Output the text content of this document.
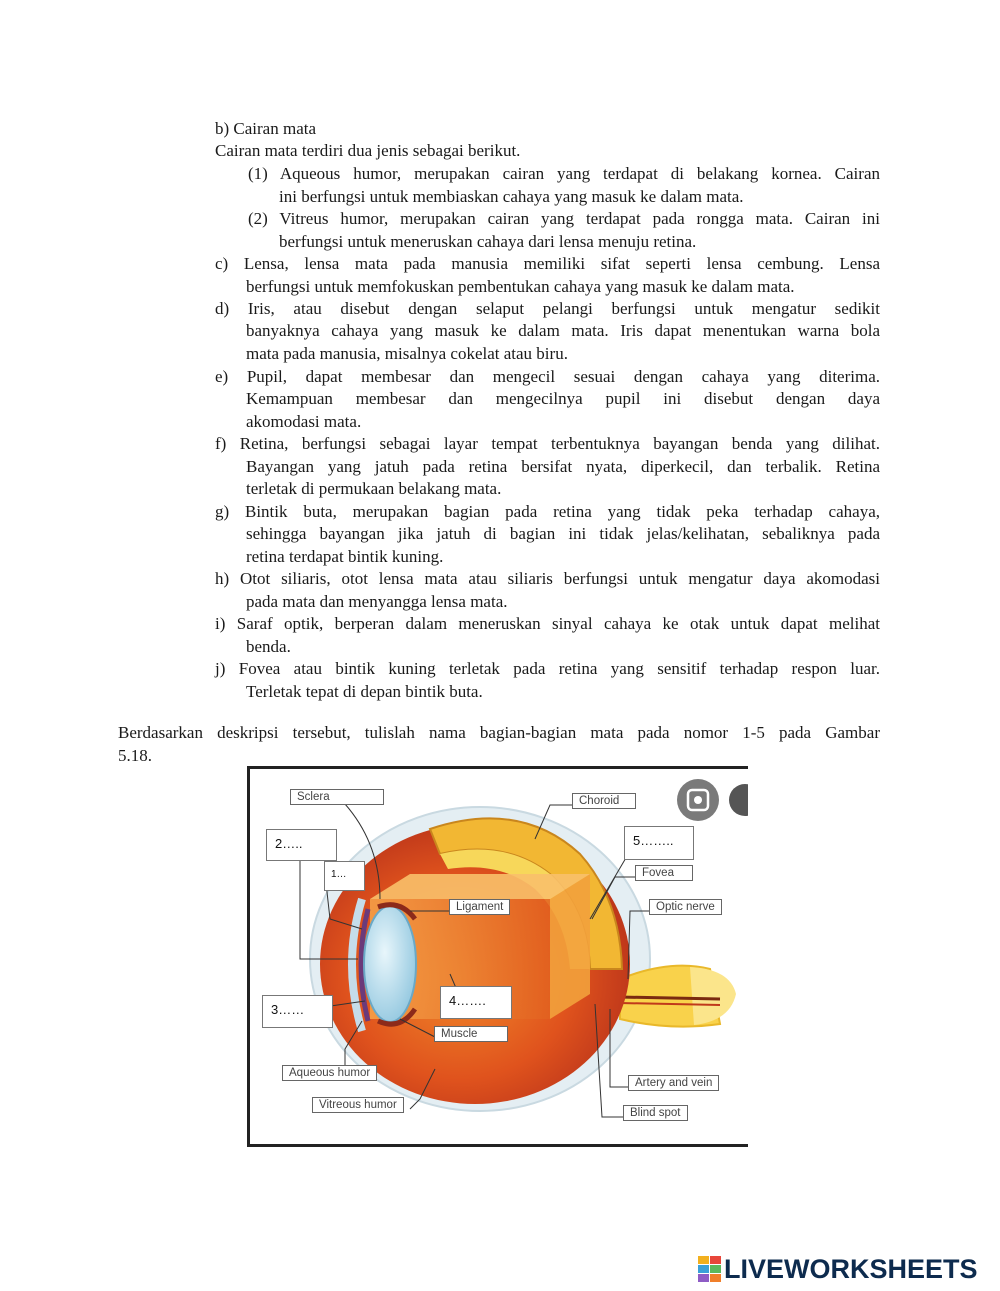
b) Cairan mata
Cairan mata terdiri dua jenis sebagai berikut.
(1) Aqueous humor, merupakan cairan yang terdapat di belakang kornea. Cairan
ini berfungsi untuk membiaskan cahaya yang masuk ke dalam mata.
(2) Vitreus humor, merupakan cairan yang terdapat pada rongga mata. Cairan ini
berfungsi untuk meneruskan cahaya dari lensa menuju retina.
c) Lensa, lensa mata pada manusia memiliki sifat seperti lensa cembung. Lensa
berfungsi untuk memfokuskan pembentukan cahaya yang masuk ke dalam mata.
d) Iris, atau disebut dengan selaput pelangi berfungsi untuk mengatur sedikit
banyaknya cahaya yang masuk ke dalam mata. Iris dapat menentukan warna bola
mata pada manusia, misalnya cokelat atau biru.
e) Pupil, dapat membesar dan mengecil sesuai dengan cahaya yang diterima.
Kemampuan membesar dan mengecilnya pupil ini disebut dengan daya
akomodasi mata.
f) Retina, berfungsi sebagai layar tempat terbentuknya bayangan benda yang dilihat.
Bayangan yang jatuh pada retina bersifat nyata, diperkecil, dan terbalik. Retina
terletak di permukaan belakang mata.
g) Bintik buta, merupakan bagian pada retina yang tidak peka terhadap cahaya,
sehingga bayangan jika jatuh di bagian ini tidak jelas/kelihatan, sebaliknya pada
retina terdapat bintik kuning.
h) Otot siliaris, otot lensa mata atau siliaris berfungsi untuk mengatur daya akomodasi
pada mata dan menyangga lensa mata.
i) Saraf optik, berperan dalam meneruskan sinyal cahaya ke otak untuk dapat melihat
benda.
j) Fovea atau bintik kuning terletak pada retina yang sensitif terhadap respon luar.
Terletak tepat di depan bintik buta.
Berdasarkan deskripsi tersebut, tulislah nama bagian-bagian mata pada nomor 1-5 pada Gambar
5.18.
Sclera	Choroid
Fovea
Optic nerve
Ligament
Muscle
Aqueous humor
Vitreous humor
Artery and vein
Blind spot
1…
2…..
3……
4…….
5……..
LIVEWORKSHEETS
